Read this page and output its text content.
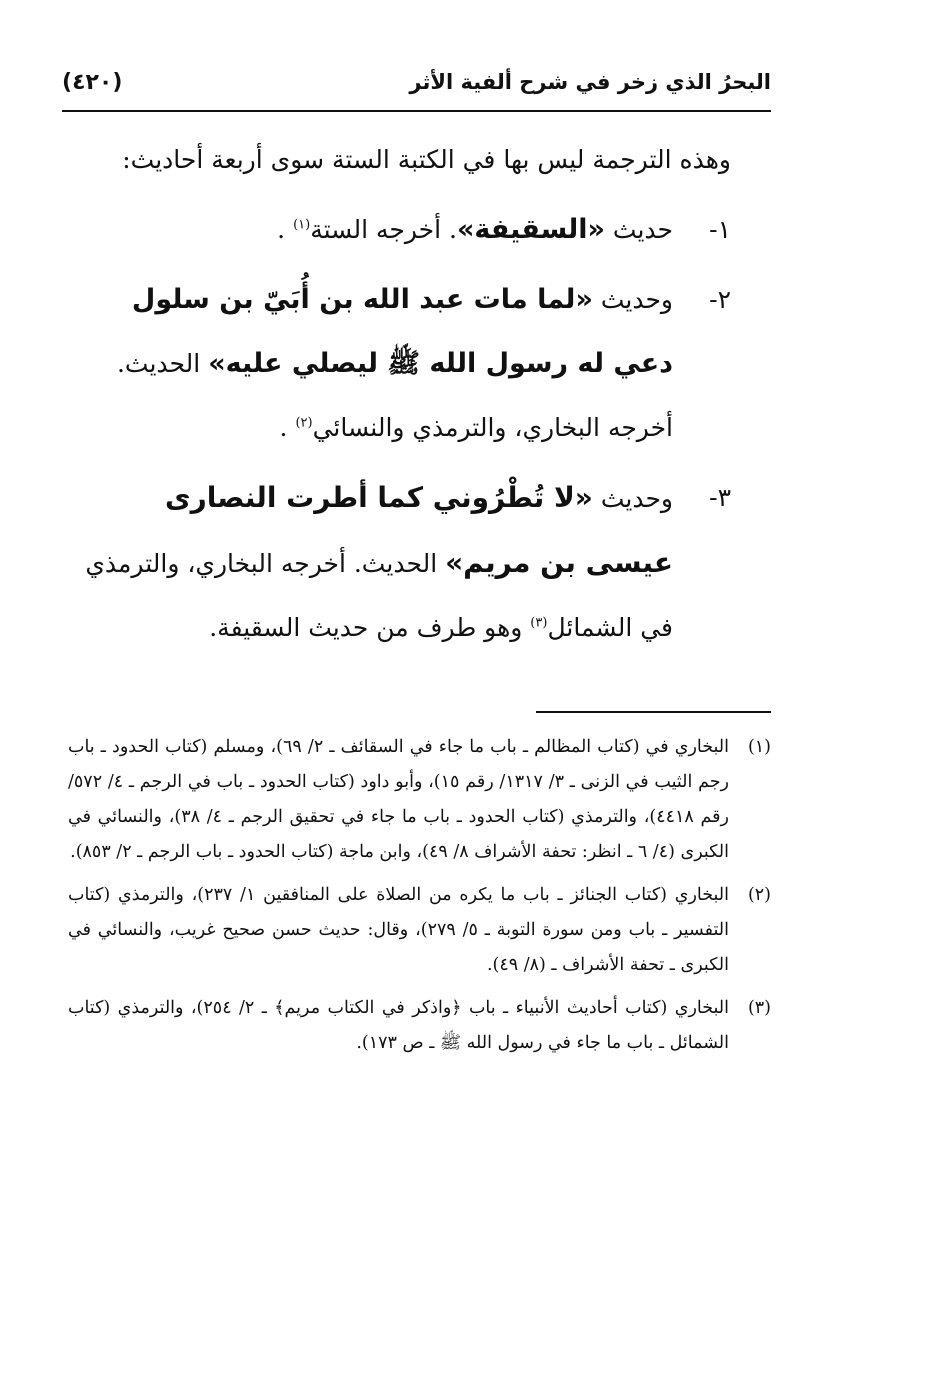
البحرُ الذي زخر في شرح ألفية الأثر
(٤٢٠)

وهذه الترجمة ليس بها في الكتبة الستة سوى أربعة أحاديث:

١-
حديث «السقيفة». أخرجه الستة$^{(١)}$ .
٢-
وحديث «لما مات عبد الله بن أُبَيّ بن سلول دعي له رسول الله ﷺ ليصلي عليه» الحديث. أخرجه البخاري، والترمذي والنسائي$^{(٢)}$ .
٣-
وحديث «لا تُطْرُوني كما أطرت النصارى عيسى بن مريم» الحديث. أخرجه البخاري، والترمذي في الشمائل$^{(٣)}$ وهو طرف من حديث السقيفة.
(١)
البخاري في (كتاب المظالم ـ باب ما جاء في السقائف ـ ٢/ ٦٩)، ومسلم (كتاب الحدود ـ باب رجم الثيب في الزنى ـ ٣/ ١٣١٧/ رقم ١٥)، وأبو داود (كتاب الحدود ـ باب في الرجم ـ ٤/ ٥٧٢/ رقم ٤٤١٨)، والترمذي (كتاب الحدود ـ باب ما جاء في تحقيق الرجم ـ ٤/ ٣٨)، والنسائي في الكبرى (٤/ ٦ ـ انظر: تحفة الأشراف ٨/ ٤٩)، وابن ماجة (كتاب الحدود ـ باب الرجم ـ ٢/ ٨٥٣).
(٢)
البخاري (كتاب الجنائز ـ باب ما يكره من الصلاة على المنافقين ١/ ٢٣٧)، والترمذي (كتاب التفسير ـ باب ومن سورة التوبة ـ ٥/ ٢٧٩)، وقال: حديث حسن صحيح غريب، والنسائي في الكبرى ـ تحفة الأشراف ـ (٨/ ٤٩).
(٣)
البخاري (كتاب أحاديث الأنبياء ـ باب ﴿واذكر في الكتاب مريم﴾ ـ ٢/ ٢٥٤)، والترمذي (كتاب الشمائل ـ باب ما جاء في رسول الله ﷺ ـ ص ١٧٣).
